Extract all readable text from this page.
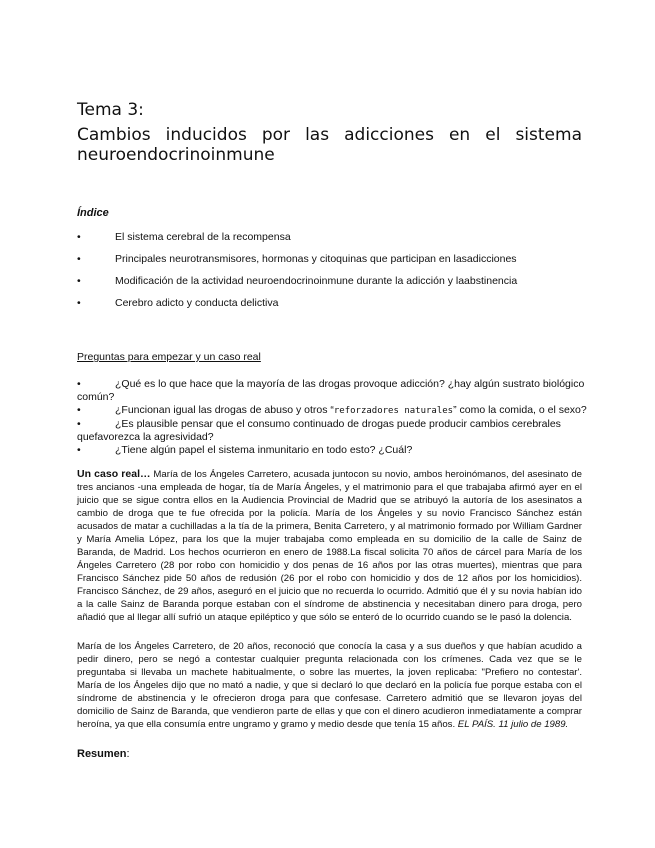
Tema 3:
Cambios inducidos por las adicciones en el sistema neuroendocrinoinmune
Índice
•	El sistema cerebral de la recompensa
•	Principales neurotransmisores, hormonas y citoquinas que participan en lasadicciones
•	Modificación de la actividad neuroendocrinoinmune durante la adicción y laabstinencia
•	Cerebro adicto y conducta delictiva
Preguntas para empezar y un caso real
•	¿Qué es lo que hace que la mayoría de las drogas provoque adicción? ¿hay algún sustrato biológico común?
•	¿Funcionan igual las drogas de abuso y otros “reforzadores naturales” como la comida, o el sexo?
•	¿Es plausible pensar que el consumo continuado de drogas puede producir cambios cerebrales quefavorezca la agresividad?
•	¿Tiene algún papel el sistema inmunitario en todo esto? ¿Cuál?

Un caso real… María de los Ángeles Carretero, acusada juntocon su novio, ambos heroinómanos, del asesinato de tres ancianos -una empleada de hogar, tía de María Ángeles, y el matrimonio para el que trabajaba afirmó ayer en el juicio que se sigue contra ellos en la Audiencia Provincial de Madrid que se atribuyó la autoría de los asesinatos a cambio de droga que te fue ofrecida por la policía. María de los Ángeles y su novio Francisco Sánchez están acusados de matar a cuchilladas a la tía de la primera, Benita Carretero, y al matrimonio formado por William Gardner y María Amelia López, para los que la mujer trabajaba como empleada en su domicilio de la calle de Sainz de Baranda, de Madrid. Los hechos ocurrieron en enero de 1988.La fiscal solicita 70 años de cárcel para María de los Ángeles Carretero (28 por robo con homicidio y dos penas de 16 años por las otras muertes), mientras que para Francisco Sánchez pide 50 años de redusión (26 por el robo con homicidio y dos de 12 años por los homicidios). Francisco Sánchez, de 29 años, aseguró en el juicio que no recuerda lo ocurrido. Admitió que él y su novia habían ido a la calle Sainz de Baranda porque estaban con el síndrome de abstinencia y necesitaban dinero para droga, pero añadió que al llegar allí sufrió un ataque epiléptico y que sólo se enteró de lo ocurrido cuando se le pasó la dolencia.

María de los Ángeles Carretero, de 20 años, reconoció que conocía la casa y a sus dueños y que habían acudido a pedir dinero, pero se negó a contestar cualquier pregunta relacionada con los crímenes. Cada vez que se le preguntaba si llevaba un machete habitualmente, o sobre las muertes, la joven replicaba: "Prefiero no contestar'. María de los Ángeles dijo que no mató a nadie, y que si declaró lo que declaró en la policía fue porque estaba con el síndrome de abstinencia y le ofrecieron droga para que confesase. Carretero admitió que se llevaron joyas del domicilio de Sainz de Baranda, que vendieron parte de ellas y que con el dinero acudieron inmediatamente a comprar heroína, ya que ella consumía entre ungramo y gramo y medio desde que tenía 15 años. EL PAÍS. 11 julio de 1989.

Resumen:
